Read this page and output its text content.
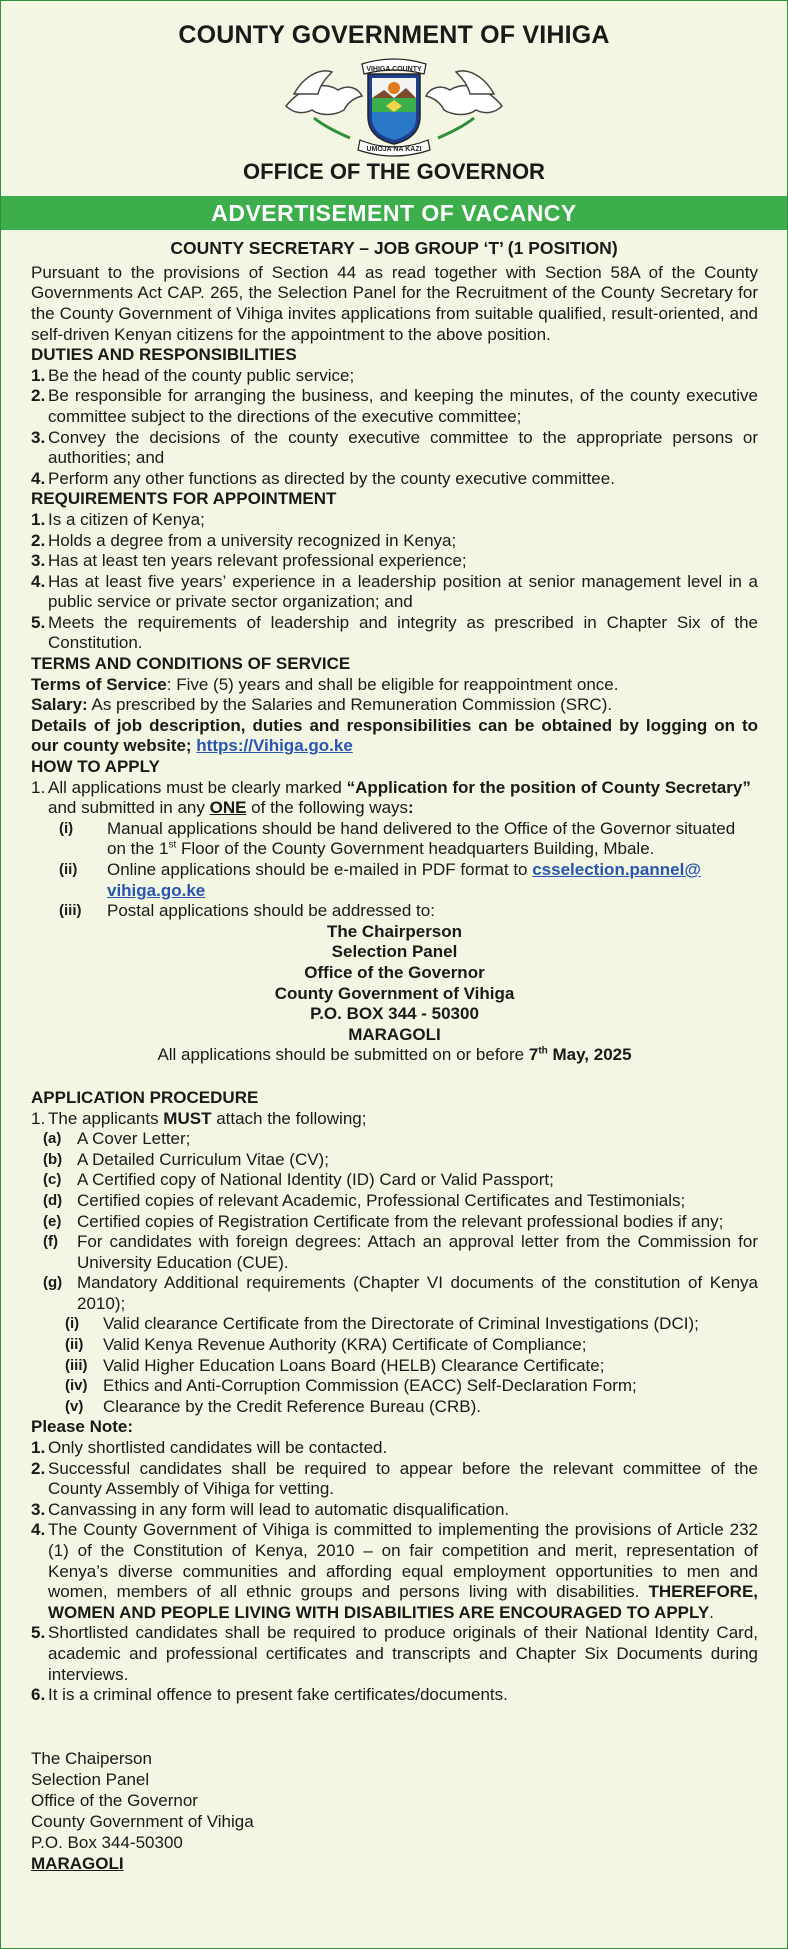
COUNTY GOVERNMENT OF VIHIGA
VIHIGA COUNTY
UMOJA NA KAZI
OFFICE OF THE GOVERNOR
ADVERTISEMENT OF VACANCY
COUNTY SECRETARY – JOB GROUP ‘T’ (1 POSITION)

Pursuant to the provisions of Section 44 as read together with Section 58A of the County Governments Act CAP. 265, the Selection Panel for the Recruitment of the County Secretary for the County Government of Vihiga invites applications from suitable qualified, result-oriented, and self-driven Kenyan citizens for the appointment to the above position.

DUTIES AND RESPONSIBILITIES

1. Be the head of the county public service;
2. Be responsible for arranging the business, and keeping the minutes, of the county executive committee subject to the directions of the executive committee;
3. Convey the decisions of the county executive committee to the appropriate persons or authorities; and
4. Perform any other functions as directed by the county executive committee.

REQUIREMENTS FOR APPOINTMENT

1. Is a citizen of Kenya;
2. Holds a degree from a university recognized in Kenya;
3. Has at least ten years relevant professional experience;
4. Has at least five years’ experience in a leadership position at senior management level in a public service or private sector organization; and
5. Meets the requirements of leadership and integrity as prescribed in Chapter Six of the Constitution.

TERMS AND CONDITIONS OF SERVICE

Terms of Service: Five (5) years and shall be eligible for reappointment once.

Salary: As prescribed by the Salaries and Remuneration Commission (SRC).

Details of job description, duties and responsibilities can be obtained by logging on to our county website; https://Vihiga.go.ke

HOW TO APPLY

1. All applications must be clearly marked “Application for the position of County Secretary”
and submitted in any ONE of the following ways:
(i)	Manual applications should be hand delivered to the Office of the Governor situated on the 1st Floor of the County Government headquarters Building, Mbale.
(ii)	Online applications should be e-mailed in PDF format to csselection.pannel@ vihiga.go.ke
(iii)	Postal applications should be addressed to:

The Chairperson

Selection Panel

Office of the Governor

County Government of Vihiga

P.O. BOX 344 - 50300

MARAGOLI

All applications should be submitted on or before 7th May, 2025

APPLICATION PROCEDURE

1. The applicants MUST attach the following;
(a) A Cover Letter;
(b) A Detailed Curriculum Vitae (CV);
(c) A Certified copy of National Identity (ID) Card or Valid Passport;
(d) Certified copies of relevant Academic, Professional Certificates and Testimonials;
(e) Certified copies of Registration Certificate from the relevant professional bodies if any;
(f)	For candidates with foreign degrees: Attach an approval letter from the Commission for University Education (CUE).
(g) Mandatory Additional requirements (Chapter VI documents of the constitution of Kenya 2010);
(i)	Valid clearance Certificate from the Directorate of Criminal Investigations (DCI);
(ii)	Valid Kenya Revenue Authority (KRA) Certificate of Compliance;
(iii) Valid Higher Education Loans Board (HELB) Clearance Certificate;
(iv) Ethics and Anti-Corruption Commission (EACC) Self-Declaration Form;
(v)	Clearance by the Credit Reference Bureau (CRB).

Please Note:

1. Only shortlisted candidates will be contacted.
2. Successful candidates shall be required to appear before the relevant committee of the County Assembly of Vihiga for vetting.
3. Canvassing in any form will lead to automatic disqualification.
4. The County Government of Vihiga is committed to implementing the provisions of Article 232 (1) of the Constitution of Kenya, 2010 – on fair competition and merit, representation of Kenya’s diverse communities and affording equal employment opportunities to men and women, members of all ethnic groups and persons living with disabilities. THEREFORE, WOMEN AND PEOPLE LIVING WITH DISABILITIES ARE ENCOURAGED TO APPLY.
5. Shortlisted candidates shall be required to produce originals of their National Identity Card, academic and professional certificates and transcripts and Chapter Six Documents during interviews.
6. It is a criminal offence to present fake certificates/documents.

The Chaiperson

Selection Panel

Office of the Governor

County Government of Vihiga

P.O. Box 344-50300

MARAGOLI
